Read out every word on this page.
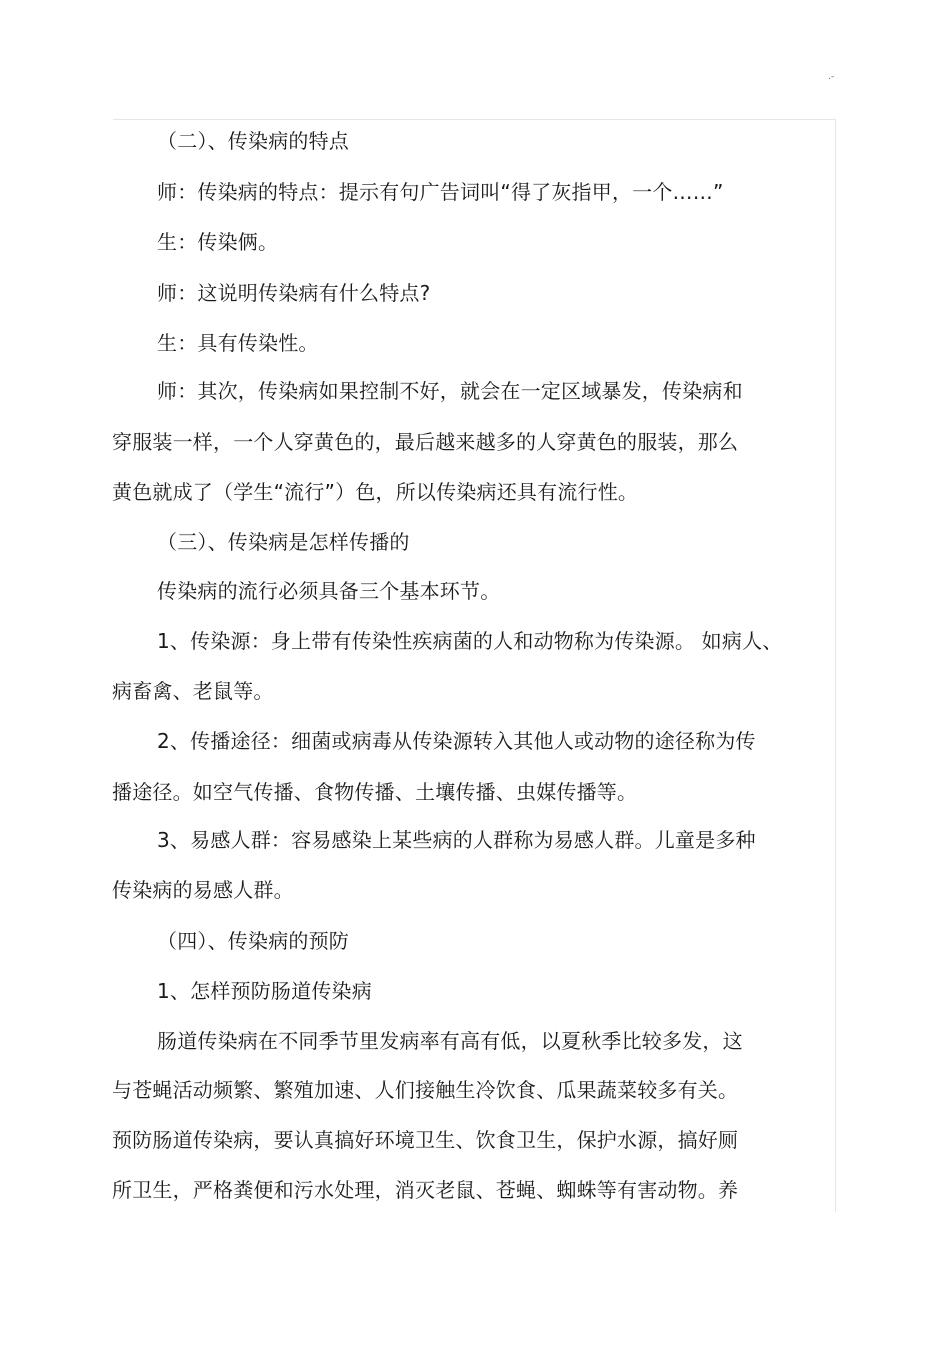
.-
（二）、传染病的特点
师：传染病的特点：提示有句广告词叫“得了灰指甲，一个……”
生：传染俩。
师：这说明传染病有什么特点?
生：具有传染性。
师：其次，传染病如果控制不好，就会在一定区域暴发，传染病和
穿服装一样，一个人穿黄色的，最后越来越多的人穿黄色的服装，那么
黄色就成了（学生“流行”）色，所以传染病还具有流行性。
（三）、传染病是怎样传播的
传染病的流行必须具备三个基本环节。
1、传染源：身上带有传染性疾病菌的人和动物称为传染源。 如病人、
病畜禽、老鼠等。
2、传播途径：细菌或病毒从传染源转入其他人或动物的途径称为传
播途径。如空气传播、食物传播、土壤传播、虫媒传播等。
3、易感人群：容易感染上某些病的人群称为易感人群。儿童是多种
传染病的易感人群。
（四）、传染病的预防
1、怎样预防肠道传染病
肠道传染病在不同季节里发病率有高有低，以夏秋季比较多发，这
与苍蝇活动频繁、繁殖加速、人们接触生冷饮食、瓜果蔬菜较多有关。
预防肠道传染病，要认真搞好环境卫生、饮食卫生，保护水源，搞好厕
所卫生，严格粪便和污水处理，消灭老鼠、苍蝇、蜘蛛等有害动物。养
